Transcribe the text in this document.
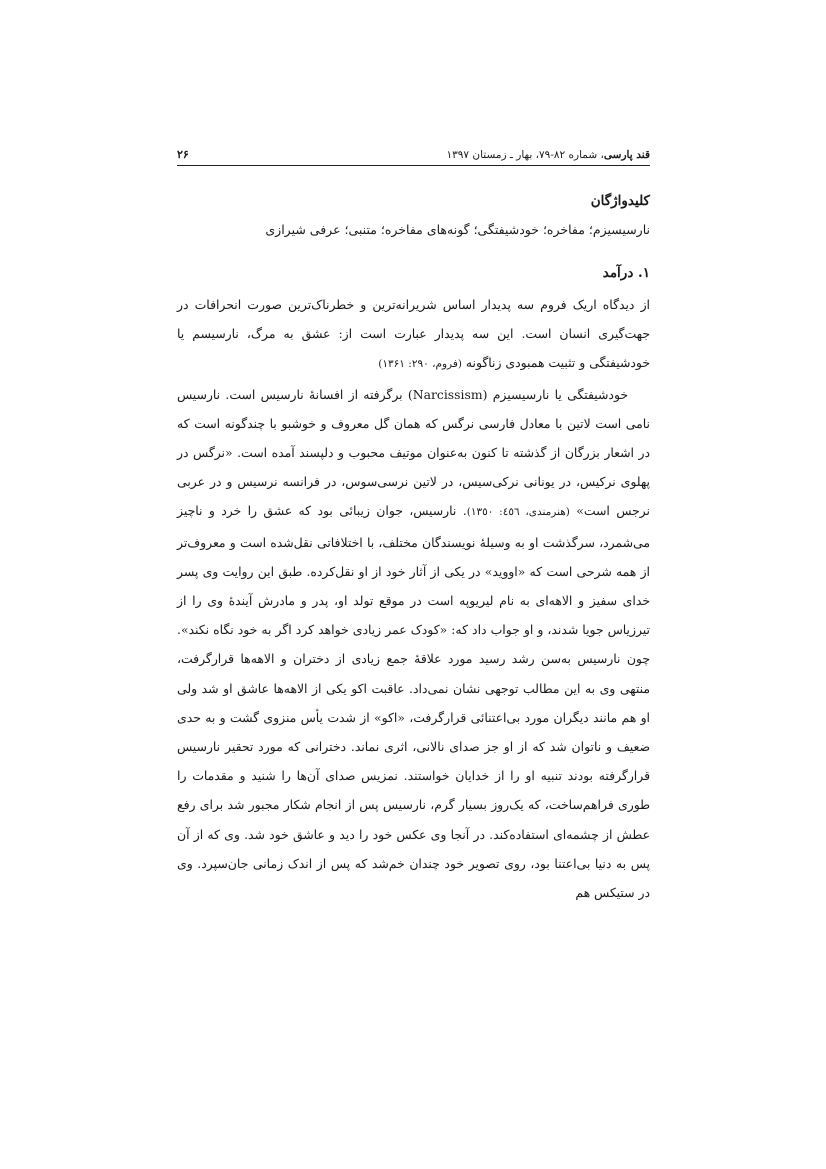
قند پارسی، شماره ۸۲-۷۹، بهار ـ زمستان ۱۳۹۷
۲۶
کلیدواژگان

نارسیسیزم؛ مفاخره؛ خودشیفتگی؛ گونه‌های مفاخره؛ متنبی؛ عرفی شیرازی

۱. درآمد

از دیدگاه اریک فروم سه پدیدار اساس شریرانه‌ترین و خطرناک‌ترین صورت انحرافات در جهت‌گیری انسان است. این سه پدیدار عبارت است از: عشق به مرگ، نارسیسم یا خودشیفتگی و تثبیت همبودی زناگونه (فروم، ۲۹۰: ۱۳۶۱)

خودشیفتگی یا نارسیسیزم (Narcissism) برگرفته از افسانهٔ نارسیس است. نارسیس نامی است لاتین با معادل فارسی نرگس که همان گل معروف و خوشبو با چندگونه است که در اشعار بزرگان از گذشته تا کنون به‌عنوان موتیف محبوب و دلپسند آمده است. «نرگس در پهلوی نرکیس، در یونانی نرکی‌سیس، در لاتین نرسی‌سوس، در فرانسه نرسیس و در عربی نرجس است» (هنرمندی، ٤٥٦: ١٣٥٠). نارسیس، جوان زیبائی بود که عشق را خرد و ناچیز می‌شمرد، سرگذشت او به وسیلهٔ نویسندگان مختلف، با اختلافاتی نقل‌شده است و معروف‌تر از همه شرحی است که «اووید» در یکی از آثار خود از او نقل‌کرده. طبق این روایت وی پسر خدای سفیز و الاهه‌ای به نام لیریوپه است در موقع تولد او، پدر و مادرش آیندهٔ وی را از تیرزیاس جویا شدند، و او جواب داد که: «کودک عمر زیادی خواهد کرد اگر به خود نگاه نکند». چون نارسیس به‌سن رشد رسید مورد علاقهٔ جمع زیادی از دختران و الاهه‌ها قرارگرفت، منتهی وی به این مطالب توجهی نشان نمی‌داد. عاقبت اکو یکی از الاهه‌ها عاشق او شد ولی او هم مانند دیگران مورد بی‌اعتنائی قرارگرفت، «اکو» از شدت یأس منزوی گشت و به حدی ضعیف و ناتوان شد که از او جز صدای نالانی، اثری نماند. دخترانی که مورد تحقیر نارسیس قرارگرفته بودند تنبیه او را از خدایان خواستند. نمزیس صدای آن‌ها را شنید و مقدمات را طوری فراهم‌ساخت، که یک‌روز بسیار گرم، نارسیس پس از انجام شکار مجبور شد برای رفع عطش از چشمه‌ای استفاده‌کند. در آنجا وی عکس خود را دید و عاشق خود شد. وی که از آن پس به دنیا بی‌اعتنا بود، روی تصویر خود چندان خم‌شد که پس از اندک زمانی جان‌سپرد. وی در ستیکس هم
